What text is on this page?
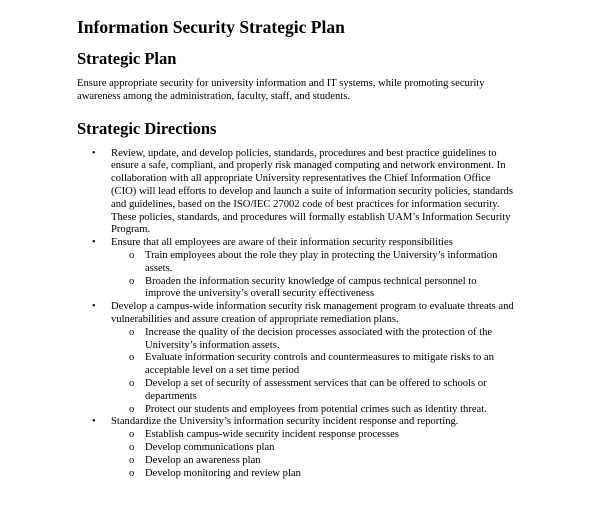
Information Security Strategic Plan
Strategic Plan

Ensure appropriate security for university information and IT systems, while promoting security awareness among the administration, faculty, staff, and students.

Strategic Directions
• Review, update, and develop policies, standards, procedures and best practice guidelines to ensure a safe, compliant, and properly risk managed computing and network environment. In collaboration with all appropriate University representatives the Chief Information Office (CIO) will lead efforts to develop and launch a suite of information security policies, standards and guidelines, based on the ISO/IEC 27002 code of best practices for information security. These policies, standards, and procedures will formally establish UAM’s Information Security Program.
• Ensure that all employees are aware of their information security responsibilities
o Train employees about the role they play in protecting the University’s information assets.
o Broaden the information security knowledge of campus technical personnel to improve the university’s overall security effectiveness
• Develop a campus-wide information security risk management program to evaluate threats and vulnerabilities and assure creation of appropriate remediation plans.
o Increase the quality of the decision processes associated with the protection of the University’s information assets.
o Evaluate information security controls and countermeasures to mitigate risks to an acceptable level on a set time period
o Develop a set of security of assessment services that can be offered to schools or departments
o Protect our students and employees from potential crimes such as identity threat.
• Standardize the University’s information security incident response and reporting.
o Establish campus-wide security incident response processes
o Develop communications plan
o Develop an awareness plan
o Develop monitoring and review plan
